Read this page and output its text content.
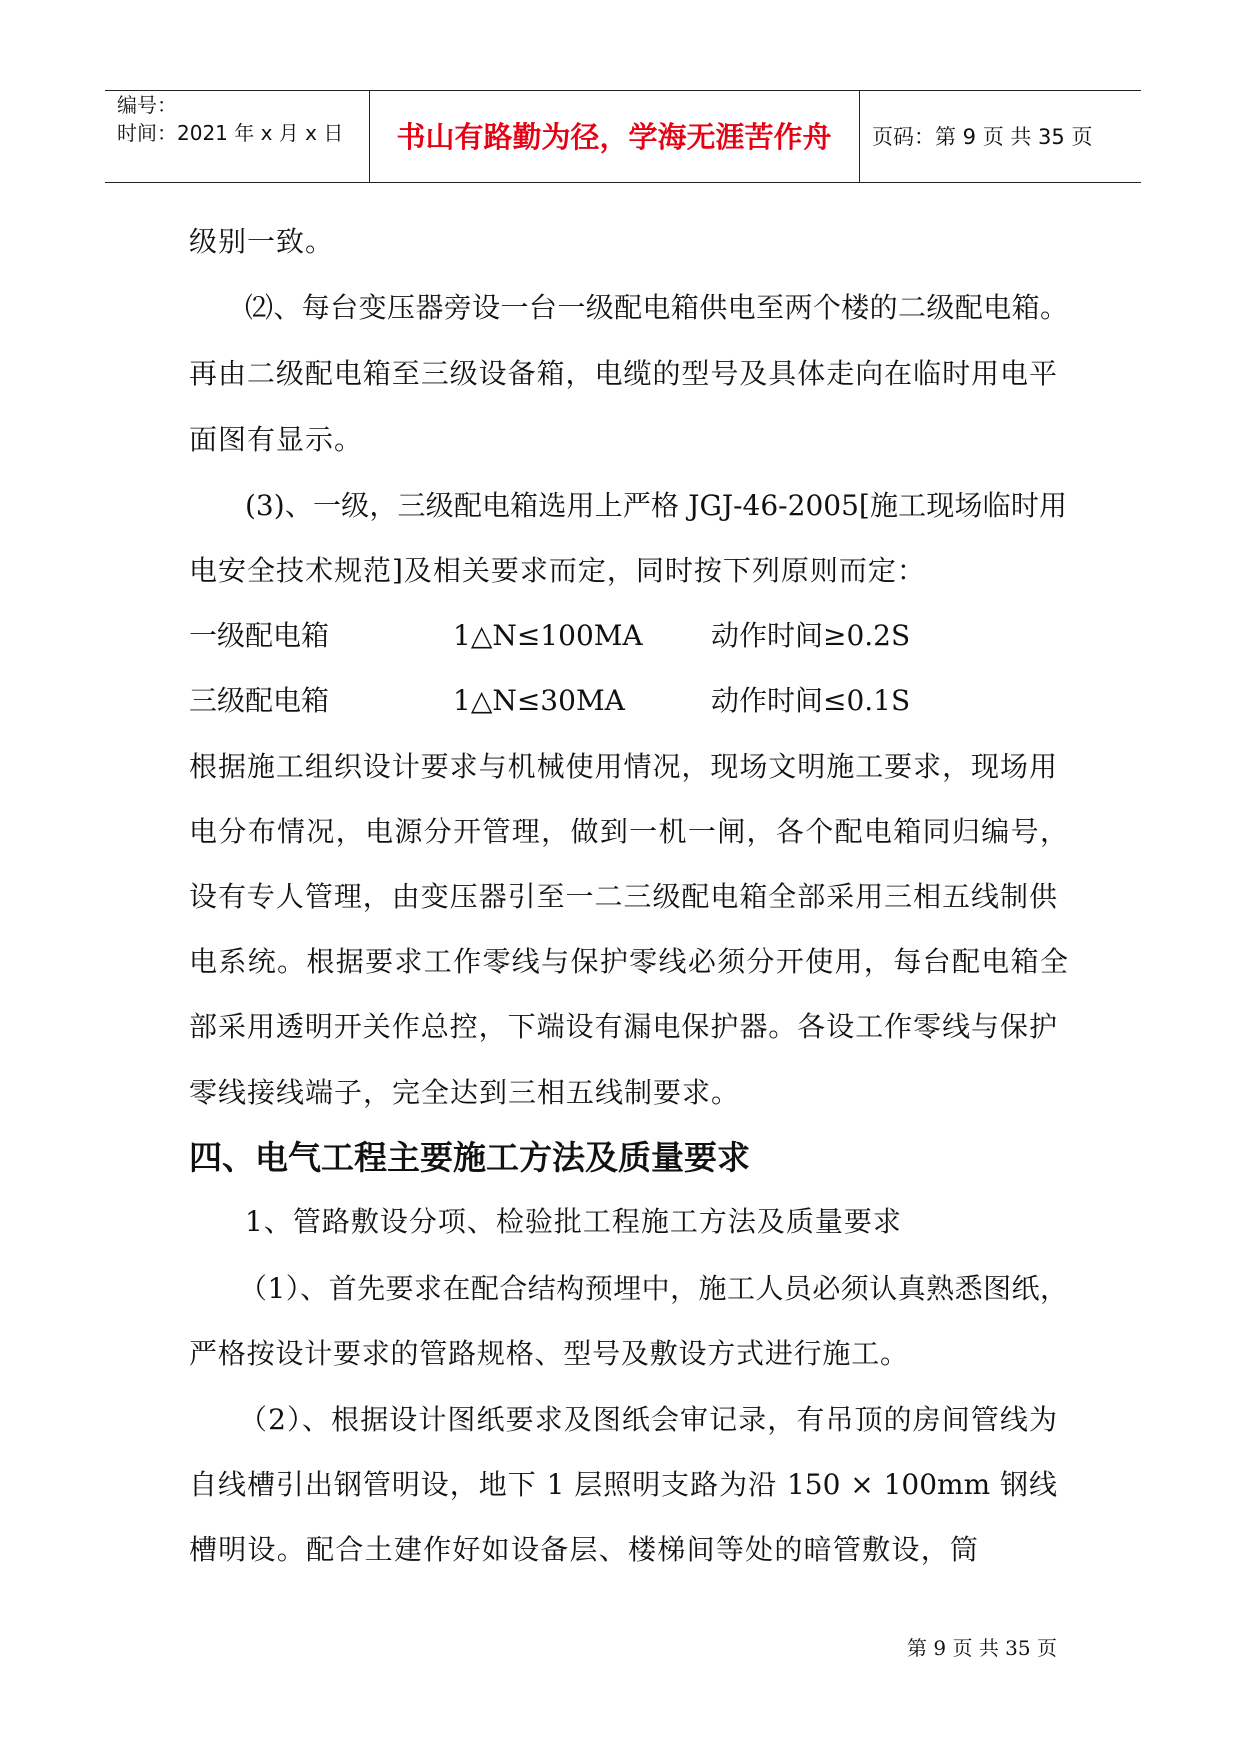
编号：
时间：2021 年 x 月 x 日	书山有路勤为径，学海无涯苦作舟	页码：第 9 页 共 35 页
级别一致。
⑵、每台变压器旁设一台一级配电箱供电至两个楼的二级配电箱。
再由二级配电箱至三级设备箱，电缆的型号及具体走向在临时用电平
面图有显示。
(3)、一级，三级配电箱选用上严格 JGJ-46-2005[施工现场临时用
电安全技术规范]及相关要求而定，同时按下列原则而定：
一级配电箱	1△N≤100MA 动作时间≥0.2S
三级配电箱	1△N≤30MA	动作时间≤0.1S
根据施工组织设计要求与机械使用情况，现场文明施工要求，现场用
电分布情况，电源分开管理，做到一机一闸，各个配电箱同归编号，
设有专人管理，由变压器引至一二三级配电箱全部采用三相五线制供
电系统。根据要求工作零线与保护零线必须分开使用，每台配电箱全
部采用透明开关作总控，下端设有漏电保护器。各设工作零线与保护
零线接线端子，完全达到三相五线制要求。
四、电气工程主要施工方法及质量要求
1、管路敷设分项、检验批工程施工方法及质量要求
（1）、首先要求在配合结构预埋中，施工人员必须认真熟悉图纸，
严格按设计要求的管路规格、型号及敷设方式进行施工。
（2）、根据设计图纸要求及图纸会审记录，有吊顶的房间管线为
自线槽引出钢管明设，地下 1 层照明支路为沿 150 × 100mm 钢线
槽明设。配合土建作好如设备层、楼梯间等处的暗管敷设，筒
第 9 页 共 35 页
